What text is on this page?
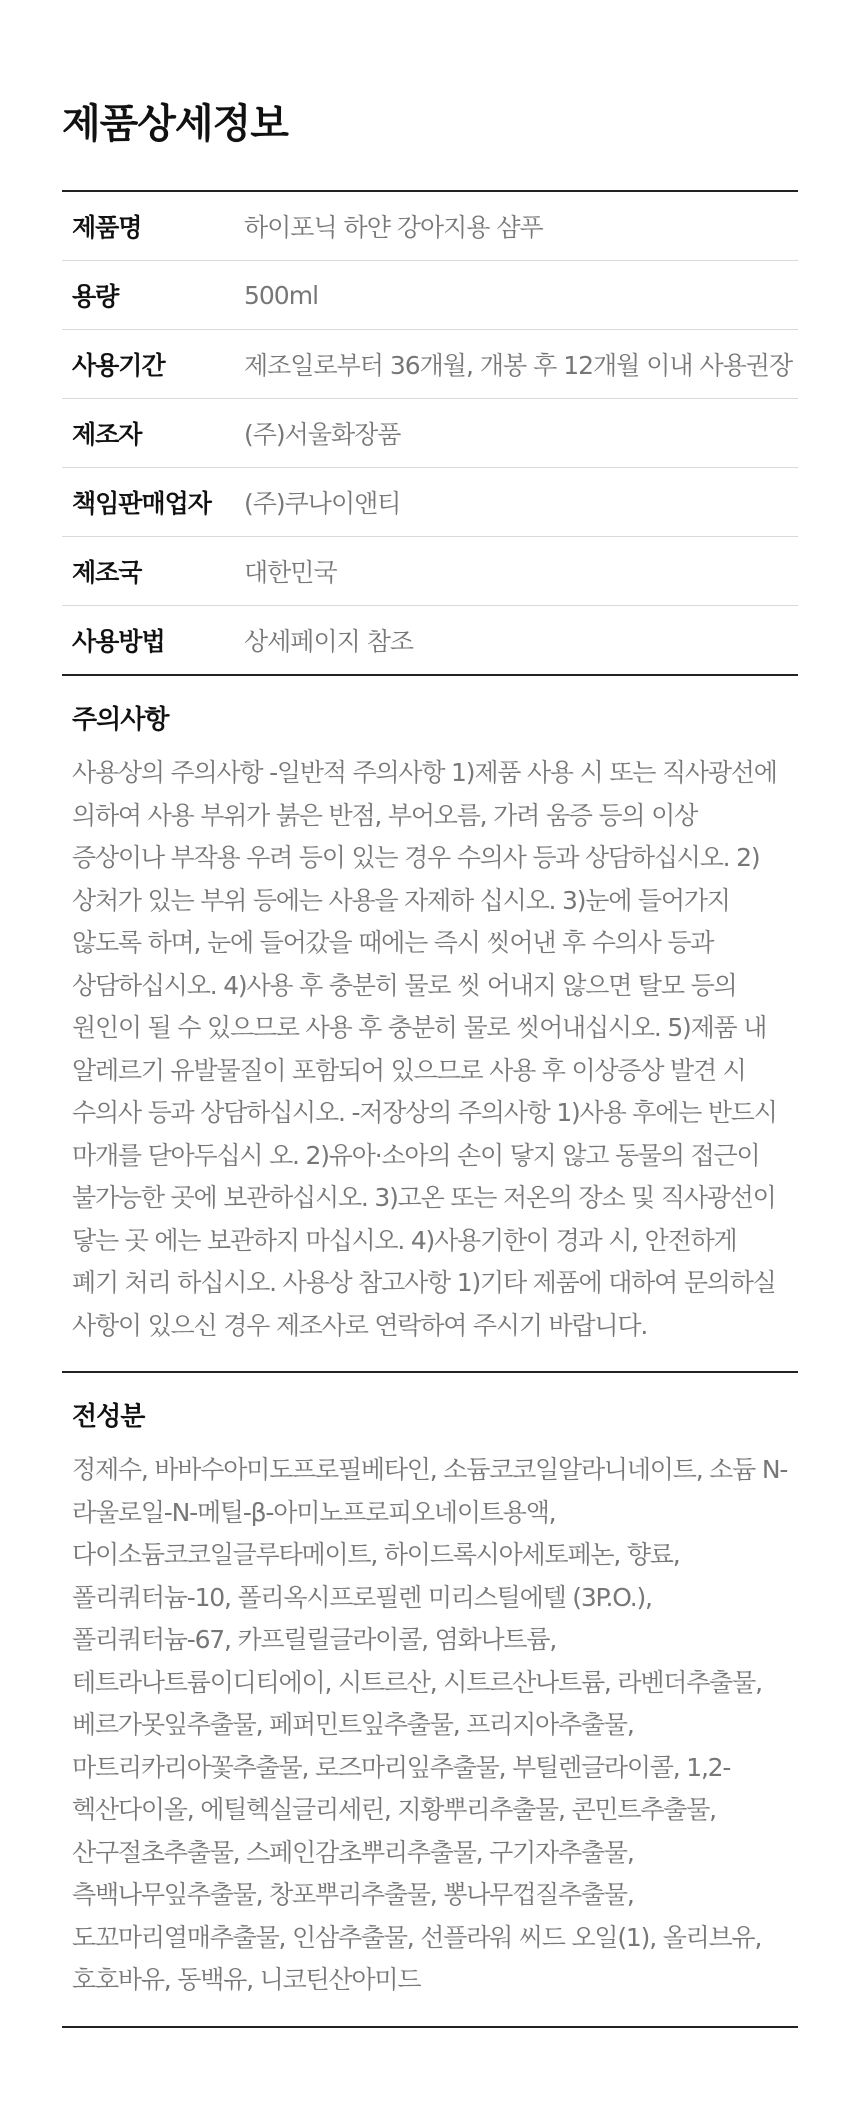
제품상세정보
제품명	하이포닉 하얀 강아지용 샴푸
용량	500ml
사용기간	제조일로부터 36개월, 개봉 후 12개월 이내 사용권장
제조자	(주)서울화장품
책임판매업자	(주)쿠나이앤티
제조국	대한민국
사용방법	상세페이지 참조
주의사항
사용상의 주의사항 -일반적 주의사항 1)제품 사용 시 또는 직사광선에 의하여 사용 부위가 붉은 반점, 부어오름, 가려 움증 등의 이상 증상이나 부작용 우려 등이 있는 경우 수의사 등과 상담하십시오. 2)상처가 있는 부위 등에는 사용을 자제하 십시오. 3)눈에 들어가지 않도록 하며, 눈에 들어갔을 때에는 즉시 씻어낸 후 수의사 등과 상담하십시오. 4)사용 후 충분히 물로 씻 어내지 않으면 탈모 등의 원인이 될 수 있으므로 사용 후 충분히 물로 씻어내십시오. 5)제품 내 알레르기 유발물질이 포함되어 있으므로 사용 후 이상증상 발견 시 수의사 등과 상담하십시오. -저장상의 주의사항 1)사용 후에는 반드시 마개를 닫아두십시 오. 2)유아·소아의 손이 닿지 않고 동물의 접근이 불가능한 곳에 보관하십시오. 3)고온 또는 저온의 장소 및 직사광선이 닿는 곳 에는 보관하지 마십시오. 4)사용기한이 경과 시, 안전하게 폐기 처리 하십시오. 사용상 참고사항 1)기타 제품에 대하여 문의하실 사항이 있으신 경우 제조사로 연락하여 주시기 바랍니다.
전성분
정제수, 바바수아미도프로필베타인, 소듐코코일알라니네이트, 소듐 N-라울로일-N-메틸-β-아미노프로피오네이트용액, 다이소듐코코일글루타메이트, 하이드록시아세토페논, 향료, 폴리쿼터늄-10, 폴리옥시프로필렌 미리스틸에텔 (3P.O.), 폴리쿼터늄-67, 카프릴릴글라이콜, 염화나트륨, 테트라나트륨이디티에이, 시트르산, 시트르산나트륨, 라벤더추출물, 베르가못잎추출물, 페퍼민트잎추출물, 프리지아추출물, 마트리카리아꽃추출물, 로즈마리잎추출물, 부틸렌글라이콜, 1,2-헥산다이올, 에틸헥실글리세린, 지황뿌리추출물, 콘민트추출물, 산구절초추출물, 스페인감초뿌리추출물, 구기자추출물, 측백나무잎추출물, 창포뿌리추출물, 뽕나무껍질추출물, 도꼬마리열매추출물, 인삼추출물, 선플라워 씨드 오일(1), 올리브유, 호호바유, 동백유, 니코틴산아미드
